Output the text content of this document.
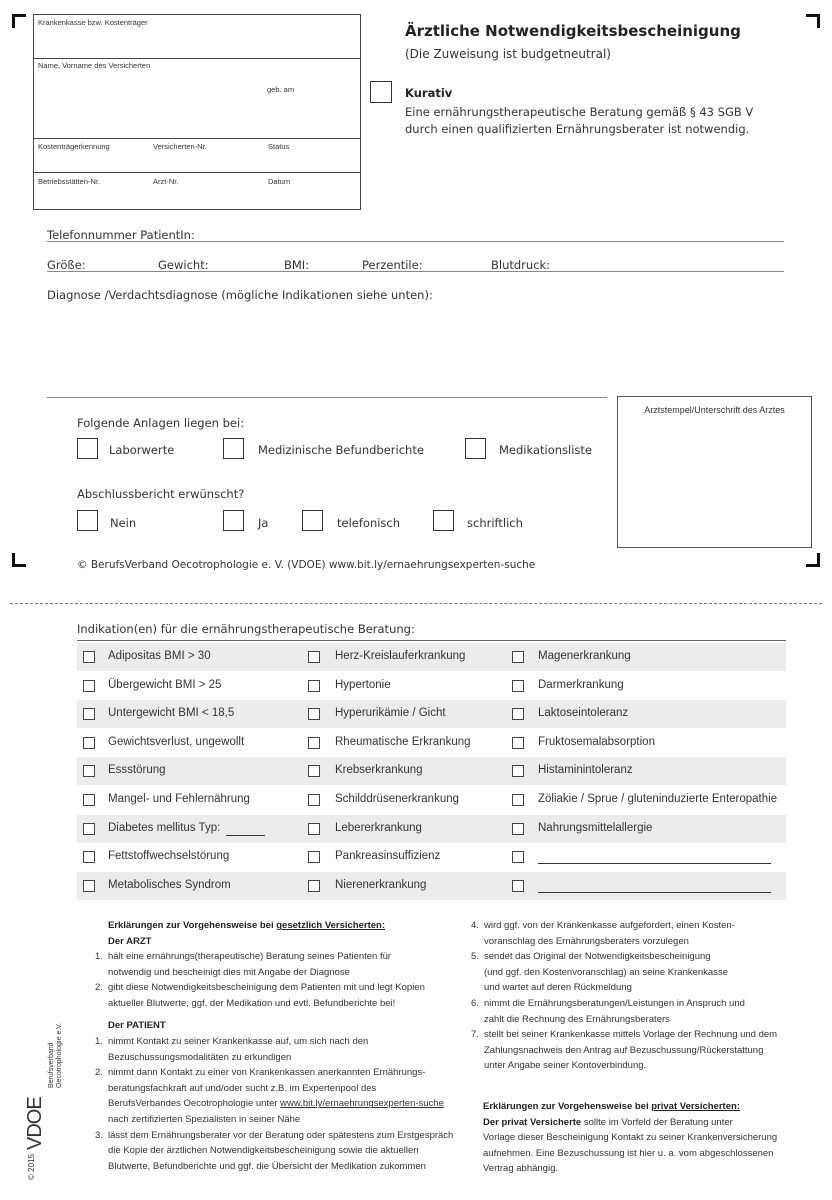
Krankenkasse bzw. Kostenträger
Name, Vorname des Versicherten
geb. am
Kostenträgerkennung	Versicherten-Nr.	Status
Betriebsstätten-Nr.	Arzt-Nr.	Datum
Ärztliche Notwendigkeitsbescheinigung
(Die Zuweisung ist budgetneutral)
Kurativ
Eine ernährungstherapeutische Beratung gemäß § 43 SGB V
durch einen qualifizierten Ernährungsberater ist notwendig.
Telefonnummer PatientIn:
Größe:	Gewicht:	BMI:	Perzentile:	Blutdruck:
Diagnose /Verdachtsdiagnose (mögliche Indikationen siehe unten):
Folgende Anlagen liegen bei:
Laborwerte	Medizinische Befundberichte	Medikationsliste
Abschlussbericht erwünscht?
Nein	Ja	telefonisch	schriftlich
Arztstempel/Unterschrift des Arztes
© BerufsVerband Oecotrophologie e. V. (VDOE) www.bit.ly/ernaehrungsexperten-suche
Indikation(en) für die ernährungstherapeutische Beratung:
Adipositas BMI > 30	Herz-Kreislauferkrankung	Magenerkrankung
Übergewicht BMI > 25	Hypertonie	Darmerkrankung
Untergewicht BMI < 18,5	Hyperurikämie / Gicht	Laktoseintoleranz
Gewichtsverlust, ungewollt	Rheumatische Erkrankung	Fruktosemalabsorption
Essstörung	Krebserkrankung	Histaminintoleranz
Mangel- und Fehlernährung	Schilddrüsenerkrankung	Zöliakie / Sprue / gluteninduzierte Enteropathie
Diabetes mellitus Typ:	Lebererkrankung	Nahrungsmittelallergie
Fettstoffwechselstörung	Pankreasinsuffizienz
Metabolisches Syndrom	Nierenerkrankung
Erklärungen zur Vorgehensweise bei gesetzlich Versicherten:
Der ARZT
1. hält eine ernährungs(therapeutische) Beratung seines Patienten für
notwendig und bescheinigt dies mit Angabe der Diagnose
2. gibt diese Notwendigkeitsbescheinigung dem Patienten mit und legt Kopien
aktueller Blutwerte, ggf. der Medikation und evtl. Befundberichte bei!
Der PATIENT
1. nimmt Kontakt zu seiner Krankenkasse auf, um sich nach den
Bezuschussungsmodalitäten zu erkundigen
2. nimmt dann Kontakt zu einer von Krankenkassen anerkannten Ernährungs-
beratungsfachkraft auf und/oder sucht z.B. im Expertenpool des
BerufsVerbandes Oecotrophologie unter www.bit.ly/ernaehrungsexperten-suche
nach zertifizierten Spezialisten in seiner Nähe
3. lässt dem Ernährungsberater vor der Beratung oder spätestens zum Erstgespräch
die Kopie der ärztlichen Notwendigkeitsbescheinigung sowie die aktuellen
Blutwerte, Befundberichte und ggf. die Übersicht der Medikation zukommen
4. wird ggf. von der Krankenkasse aufgefordert, einen Kosten-
voranschlag des Ernährungsberaters vorzulegen
5. sendet das Original der Notwendigkeitsbescheinigung
(und ggf. den Kostenvoranschlag) an seine Krankenkasse
und wartet auf deren Rückmeldung
6. nimmt die Ernährungsberatungen/Leistungen in Anspruch und
zahlt die Rechnung des Ernährungsberaters
7. stellt bei seiner Krankenkasse mittels Vorlage der Rechnung und dem
Zahlungsnachweis den Antrag auf Bezuschussung/Rückerstattung
unter Angabe seiner Kontoverbindung.
Erklärungen zur Vorgehensweise bei privat Versicherten:
Der privat Versicherte sollte im Vorfeld der Beratung unter
Vorlage dieser Bescheinigung Kontakt zu seiner Krankenversicherung
aufnehmen. Eine Bezuschussung ist hier u. a. vom abgeschlossenen
Vertrag abhängig.
© 2015
VDOE
Berufsverband Oecotrophologie e.V.
